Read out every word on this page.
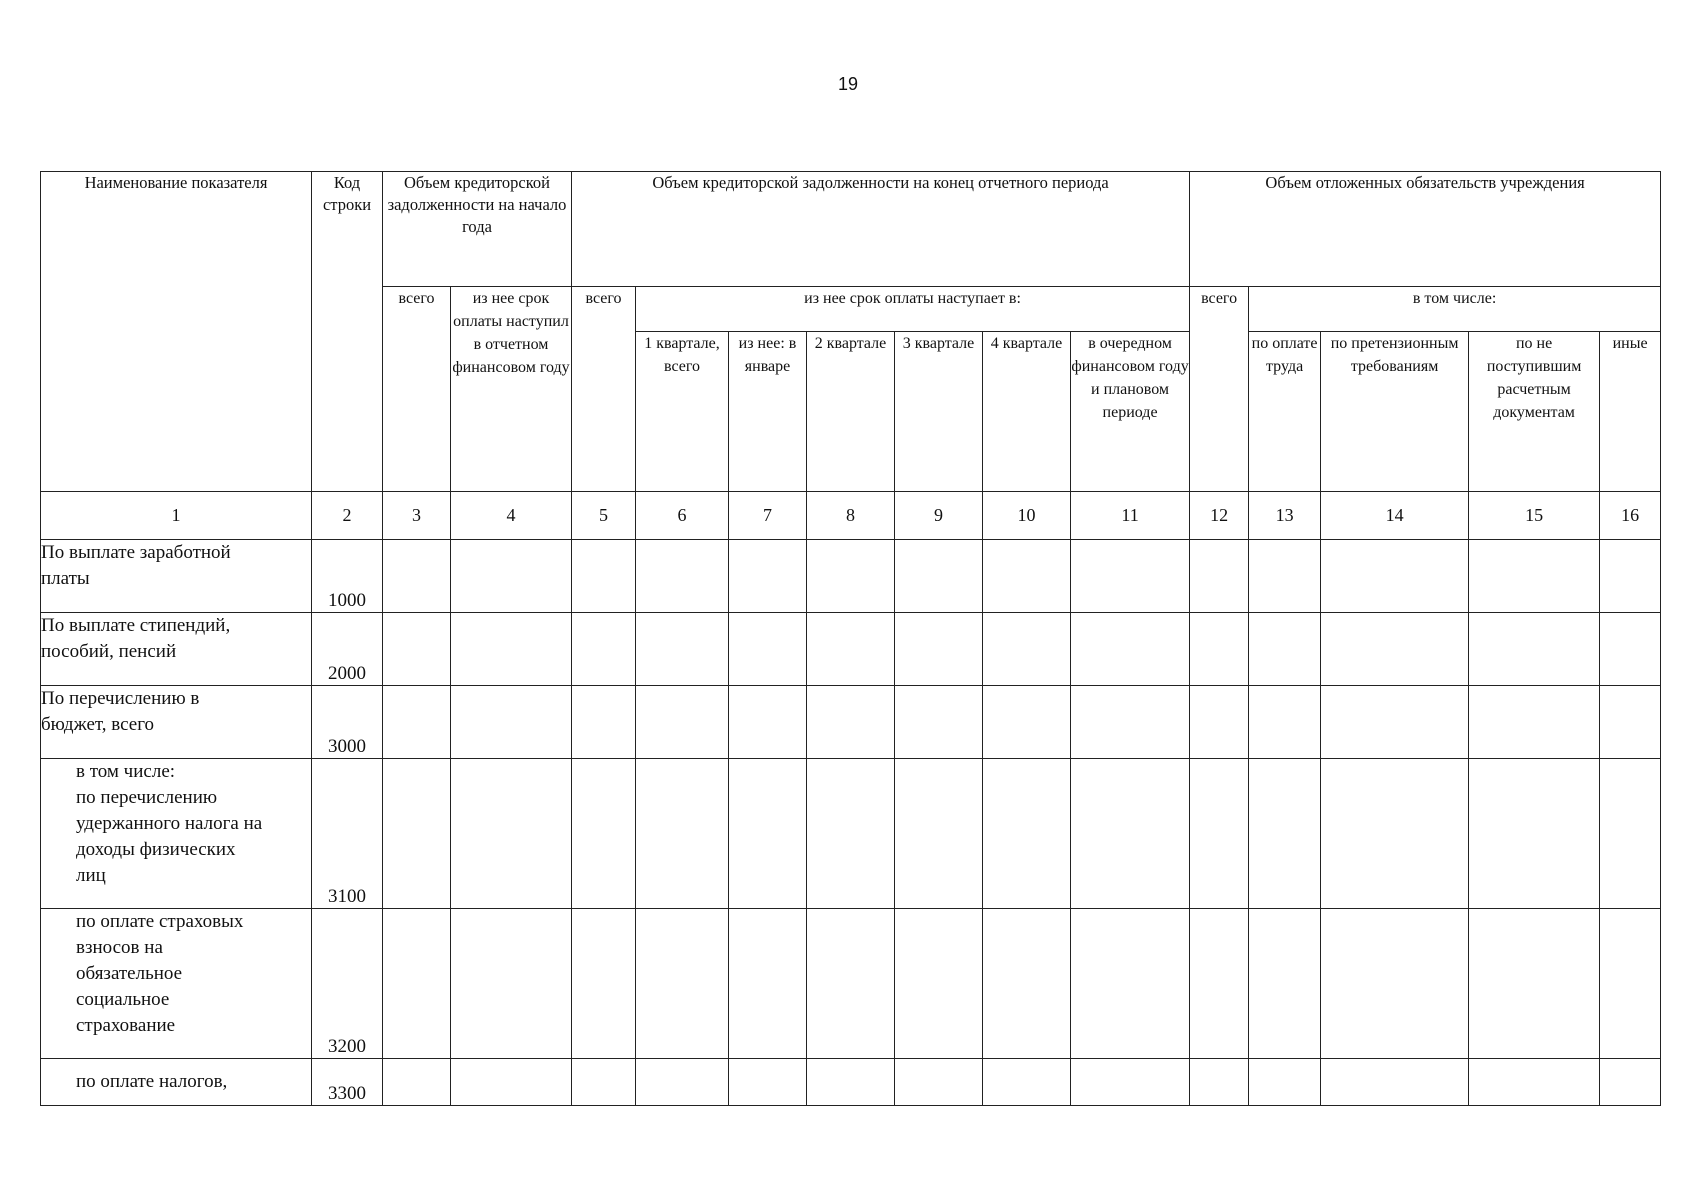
19
Наименование показателя	Код строки	Объем кредиторской задолженности на начало года		Объем кредиторской задолженности на конец отчетного периода							Объем отложенных обязательств учреждения				
		всего	из нее срок оплаты наступил в отчетном финансовом году	всего	из нее срок оплаты наступает в:						всего	в том числе:			
					1 квартале, всего	из нее: в январе	2 квартале	3 квартале	4 квартале	в очередном финансовом году и плановом периоде		по оплате труда	по претензионным требованиям	по не поступившим расчетным документам	иные
1	2	3	4	5	6	7	8	9	10	11	12	13	14	15	16

По выплате заработной
платы	1000														

По выплате стипендий,
пособий, пенсий	2000														

По перечислению в
бюджет, всего	3000														

в том числе:
по перечислению
удержанного налога на
доходы физических
лиц	3100														

по оплате страховых
взносов на
обязательное
социальное
страхование	3200														

по оплате налогов,	3300														
